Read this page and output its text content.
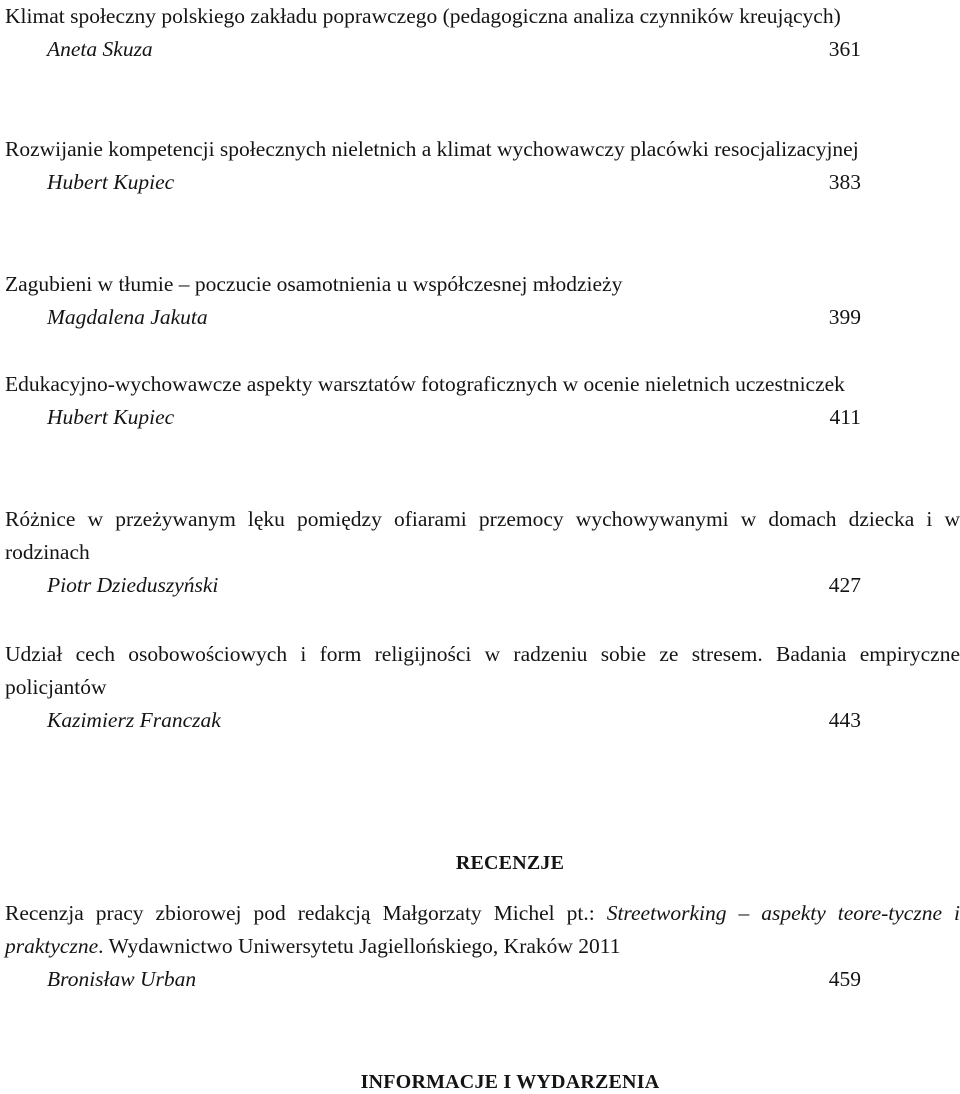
Klimat społeczny polskiego zakładu poprawczego (pedagogiczna analiza czynników kreujących)

Aneta Skuza	361

Rozwijanie kompetencji społecznych nieletnich a klimat wychowawczy placówki resocjalizacyjnej

Hubert Kupiec	383

Zagubieni w tłumie – poczucie osamotnienia u współczesnej młodzieży

Magdalena Jakuta	399

Edukacyjno-wychowawcze aspekty warsztatów fotograficznych w ocenie nieletnich uczestniczek

Hubert Kupiec	411

Różnice w przeżywanym lęku pomiędzy ofiarami przemocy wychowywanymi w domach dziecka i w rodzinach

Piotr Dzieduszyński	427

Udział cech osobowościowych i form religijności w radzeniu sobie ze stresem. Badania empiryczne policjantów

Kazimierz Franczak	443
RECENZJE

Recenzja pracy zbiorowej pod redakcją Małgorzaty Michel pt.: Streetworking – aspekty teore-tyczne i praktyczne. Wydawnictwo Uniwersytetu Jagiellońskiego, Kraków 2011

Bronisław Urban	459
INFORMACJE I WYDARZENIA
